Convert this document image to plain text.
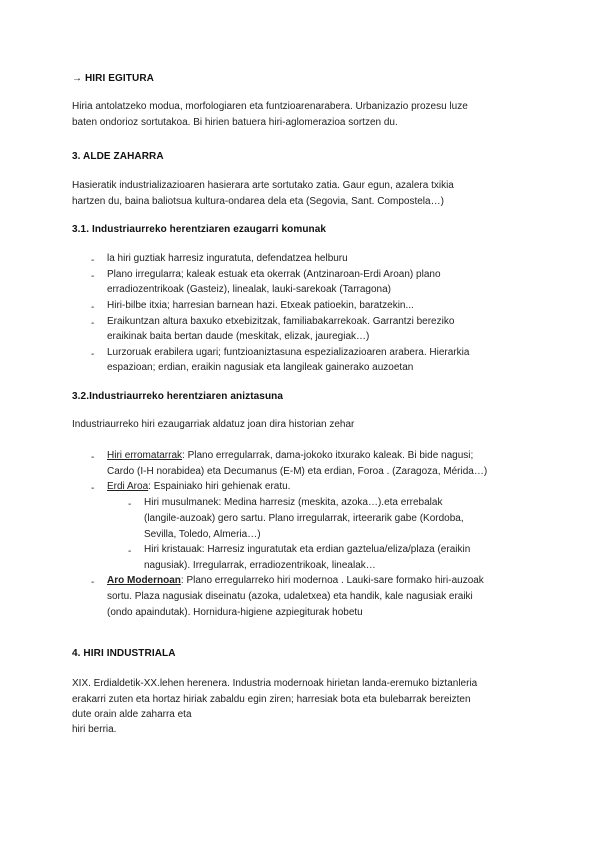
→ HIRI EGITURA
Hiria antolatzeko modua, morfologiaren eta funtzioarenarabera. Urbanizazio prozesu luze
baten ondorioz sortutakoa. Bi hirien batuera hiri-aglomerazioa sortzen du.
3. ALDE ZAHARRA
Hasieratik industrializazioaren hasierara arte sortutako zatia. Gaur egun, azalera txikia
hartzen du, baina baliotsua kultura-ondarea dela eta (Segovia, Sant. Compostela…)
3.1. Industriaurreko herentziaren ezaugarri komunak
- la hiri guztiak harresiz inguratuta, defendatzea helburu
- Plano irregularra; kaleak estuak eta okerrak (Antzinaroan-Erdi Aroan) plano
erradiozentrikoak (Gasteiz), linealak, lauki-sarekoak (Tarragona)
- Hiri-bilbe itxia; harresian barnean hazi. Etxeak patioekin, baratzekin...
- Eraikuntzan altura baxuko etxebizitzak, familiabakarrekoak. Garrantzi bereziko
eraikinak baita bertan daude (meskitak, elizak, jauregiak…)
- Lurzoruak erabilera ugari; funtzioaniztasuna espezializazioaren arabera. Hierarkia
espazioan; erdian, eraikin nagusiak eta langileak gainerako auzoetan
3.2.Industriaurreko herentziaren aniztasuna
Industriaurreko hiri ezaugarriak aldatuz joan dira historian zehar
- Hiri erromatarrak: Plano erregularrak, dama-jokoko itxurako kaleak. Bi bide nagusi;
Cardo (I-H norabidea) eta Decumanus (E-M) eta erdian, Foroa . (Zaragoza, Mérida…)
- Erdi Aroa: Espainiako hiri gehienak eratu.
- Hiri musulmanek: Medina harresiz (meskita, azoka…).eta errebalak
(langile-auzoak) gero sartu. Plano irregularrak, irteerarik gabe (Kordoba,
Sevilla, Toledo, Almeria…)
- Hiri kristauak: Harresiz inguratutak eta erdian gaztelua/eliza/plaza (eraikin
nagusiak). Irregularrak, erradiozentrikoak, linealak…
- Aro Modernoan: Plano erregularreko hiri modernoa . Lauki-sare formako hiri-auzoak
sortu. Plaza nagusiak diseinatu (azoka, udaletxea) eta handik, kale nagusiak eraiki
(ondo apaindutak). Hornidura-higiene azpiegiturak hobetu
4. HIRI INDUSTRIALA
XIX. Erdialdetik-XX.lehen herenera. Industria modernoak hirietan landa-eremuko biztanleria
erakarri zuten eta hortaz hiriak zabaldu egin ziren; harresiak bota eta bulebarrak bereizten
dute orain alde zaharra eta
hiri berria.
